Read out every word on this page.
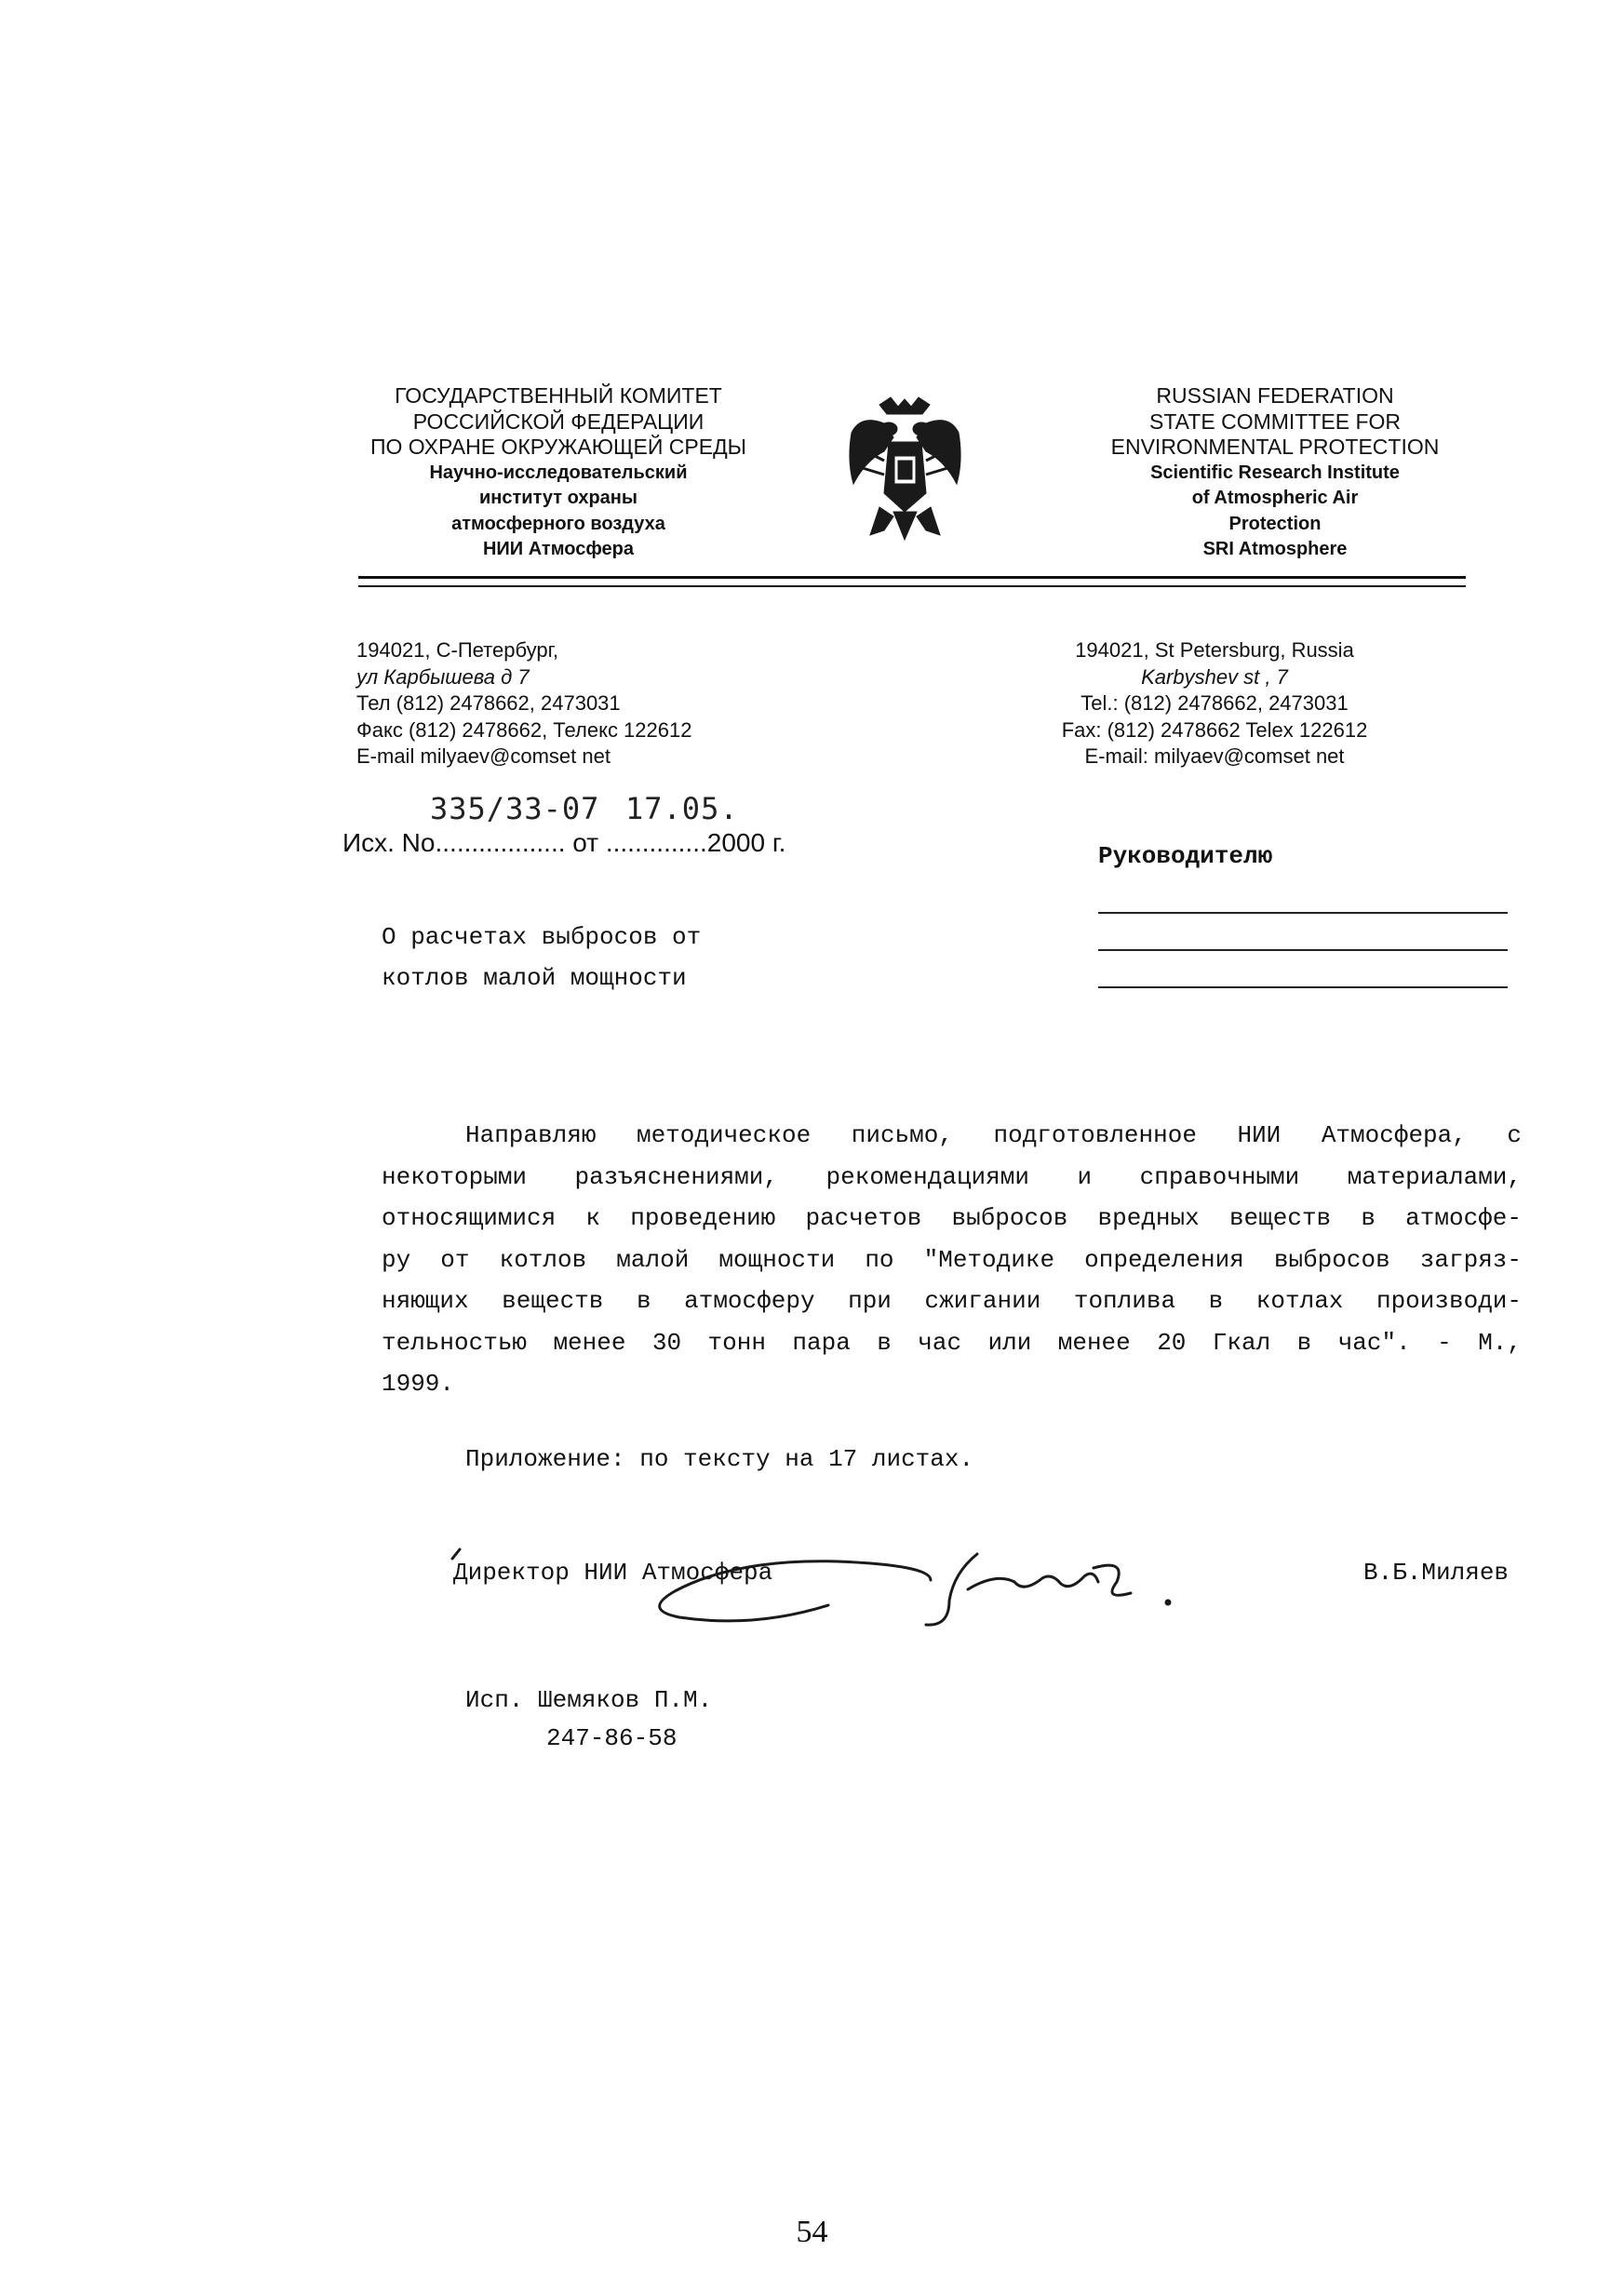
ГОСУДАРСТВЕННЫЙ КОМИТЕТ
РОССИЙСКОЙ ФЕДЕРАЦИИ
ПО ОХРАНЕ ОКРУЖАЮЩЕЙ СРЕДЫ
Научно-исследовательский
институт охраны
атмосферного воздуха
НИИ Атмосфера
RUSSIAN FEDERATION
STATE COMMITTEE FOR
ENVIRONMENTAL PROTECTION
Scientific Research Institute
of Atmospheric Air
Protection
SRI Atmosphere
194021, С-Петербург,
ул Карбышева д 7
Тел (812) 2478662, 2473031
Факс (812) 2478662, Телекс 122612
E-mail milyaev@comset net
194021, St Petersburg, Russia
Karbyshev st , 7
Tel.: (812) 2478662, 2473031
Fax: (812) 2478662 Telex 122612
E-mail: milyaev@comset net
335/33-07 17.05.
Исх. No.................. от ..............2000 г.	Руководителю
О расчетах выбросов от
котлов малой мощности
Направляю методическое письмо, подготовленное НИИ Атмосфера, с
некоторыми разъяснениями, рекомендациями и справочными материалами,
относящимися к проведению расчетов выбросов вредных веществ в атмосфе-
ру от котлов малой мощности по "Методике определения выбросов загряз-
няющих веществ в атмосферу при сжигании топлива в котлах производи-
тельностью менее 30 тонн пара в час или менее 20 Гкал в час". - М.,
1999.
Приложение: по тексту на 17 листах.
Директор НИИ Атмосфера	В.Б.Миляев
Исп. Шемяков П.М.
247-86-58
54
